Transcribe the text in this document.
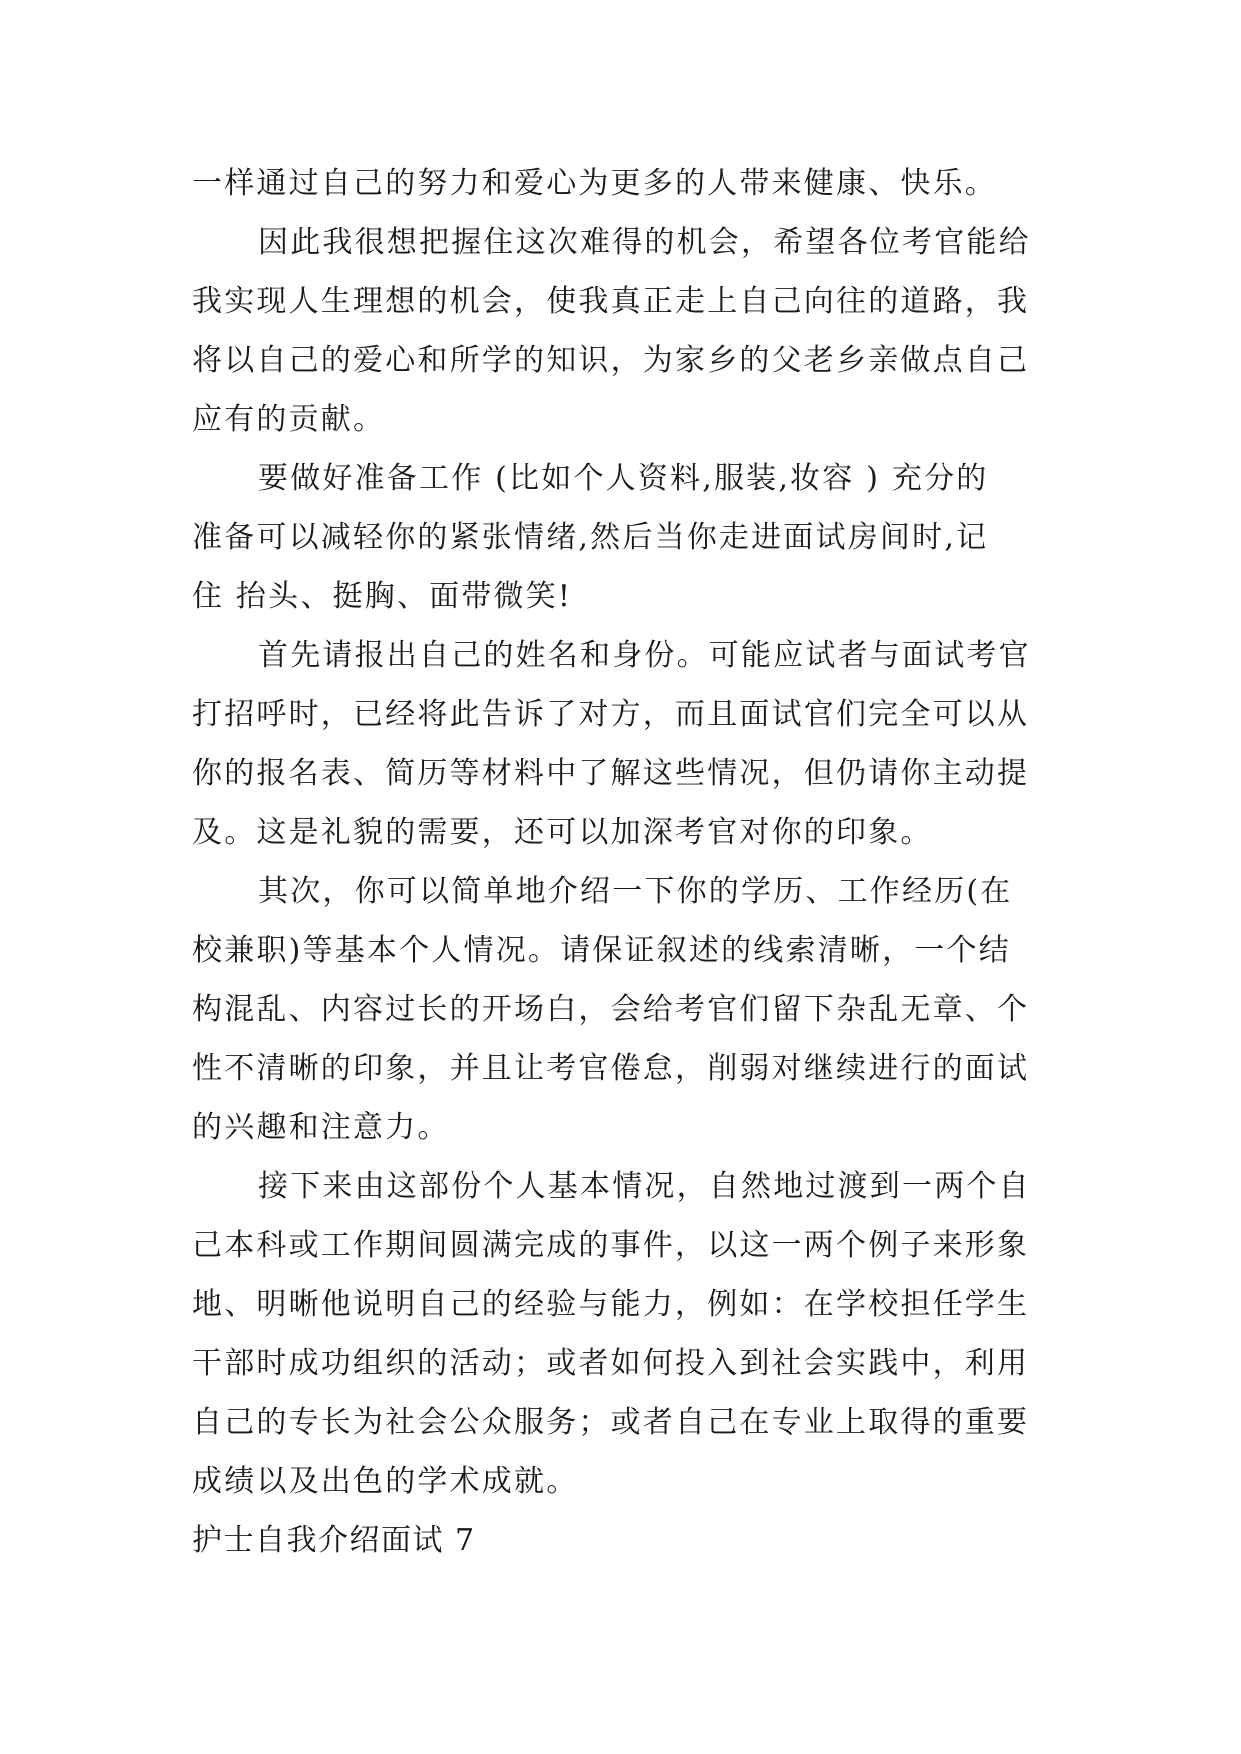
一样通过自己的努力和爱心为更多的人带来健康、快乐。
因此我很想把握住这次难得的机会，希望各位考官能给
我实现人生理想的机会，使我真正走上自己向往的道路，我
将以自己的爱心和所学的知识，为家乡的父老乡亲做点自己
应有的贡献。
要做好准备工作 (比如个人资料,服装,妆容 ) 充分的
准备可以减轻你的紧张情绪,然后当你走进面试房间时,记
住 抬头、挺胸、面带微笑!
首先请报出自己的姓名和身份。可能应试者与面试考官
打招呼时，已经将此告诉了对方，而且面试官们完全可以从
你的报名表、简历等材料中了解这些情况，但仍请你主动提
及。这是礼貌的需要，还可以加深考官对你的印象。
其次，你可以简单地介绍一下你的学历、工作经历(在
校兼职)等基本个人情况。请保证叙述的线索清晰，一个结
构混乱、内容过长的开场白，会给考官们留下杂乱无章、个
性不清晰的印象，并且让考官倦怠，削弱对继续进行的面试
的兴趣和注意力。
接下来由这部份个人基本情况，自然地过渡到一两个自
己本科或工作期间圆满完成的事件，以这一两个例子来形象
地、明晰他说明自己的经验与能力，例如：在学校担任学生
干部时成功组织的活动；或者如何投入到社会实践中，利用
自己的专长为社会公众服务；或者自己在专业上取得的重要
成绩以及出色的学术成就。
护士自我介绍面试 7
